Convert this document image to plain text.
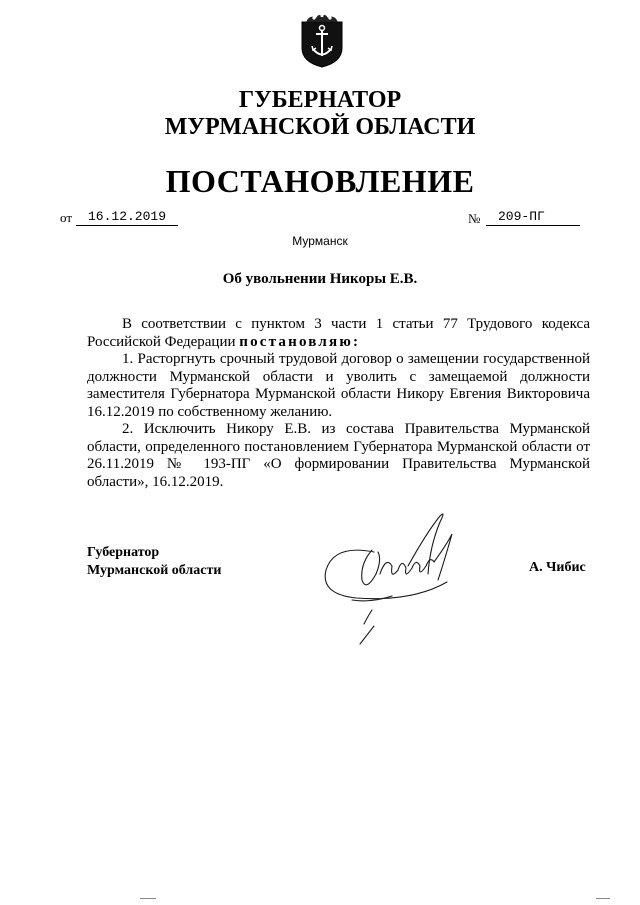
ГУБЕРНАТОР
МУРМАНСКОЙ ОБЛАСТИ
ПОСТАНОВЛЕНИЕ
от	16.12.2019	№	209-ПГ
Мурманск
Об увольнении Никоры Е.В.
В соответствии с пунктом 3 части 1 статьи 77 Трудового кодекса Российской Федерации постановляю:
1. Расторгнуть срочный трудовой договор о замещении государственной должности Мурманской области и уволить с замещаемой должности заместителя Губернатора Мурманской области Никору Евгения Викторовича 16.12.2019 по собственному желанию.
2. Исключить Никору Е.В. из состава Правительства Мурманской области, определенного постановлением Губернатора Мурманской области от 26.11.2019 № 193-ПГ «О формировании Правительства Мурманской области», 16.12.2019.
Губернатор
Мурманской области	А. Чибис
